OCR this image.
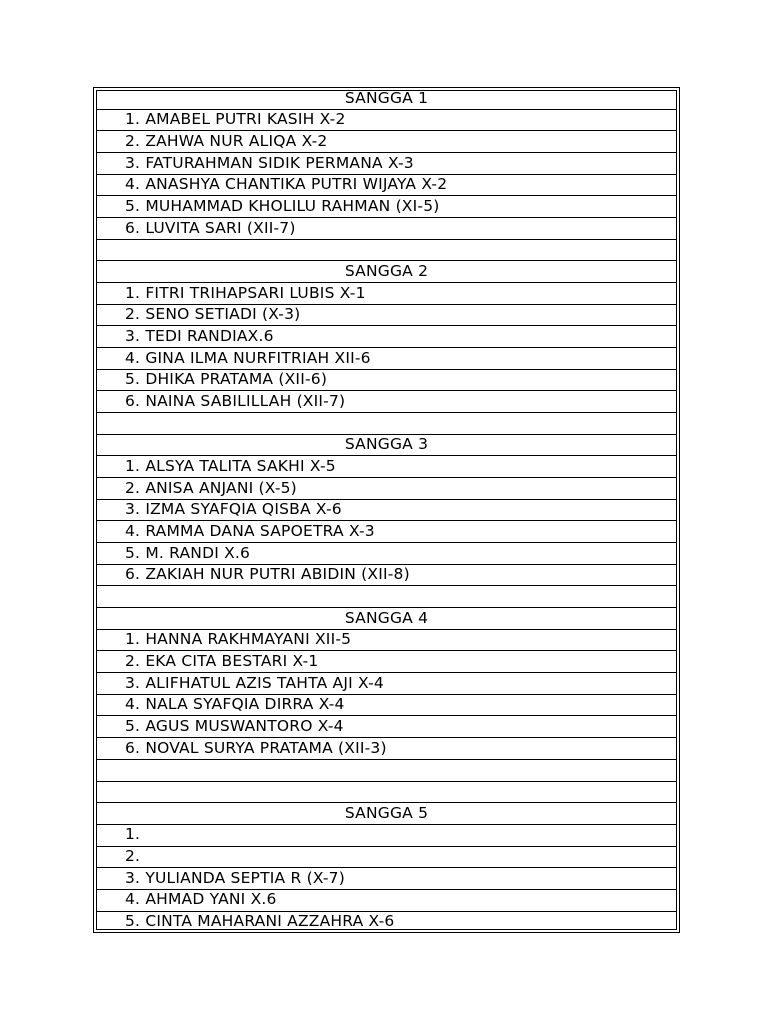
SANGGA 1
1. AMABEL PUTRI KASIH X-2
2. ZAHWA NUR ALIQA X-2
3. FATURAHMAN SIDIK PERMANA X-3
4. ANASHYA CHANTIKA PUTRI WIJAYA X-2
5. MUHAMMAD KHOLILU RAHMAN (XI-5)
6. LUVITA SARI (XII-7)
SANGGA 2
1. FITRI TRIHAPSARI LUBIS X-1
2. SENO SETIADI (X-3)
3. TEDI RANDIAX.6
4. GINA ILMA NURFITRIAH XII-6
5. DHIKA PRATAMA (XII-6)
6. NAINA SABILILLAH (XII-7)
SANGGA 3
1. ALSYA TALITA SAKHI X-5
2. ANISA ANJANI (X-5)
3. IZMA SYAFQIA QISBA X-6
4. RAMMA DANA SAPOETRA X-3
5. M. RANDI X.6
6. ZAKIAH NUR PUTRI ABIDIN (XII-8)
SANGGA 4
1. HANNA RAKHMAYANI XII-5
2. EKA CITA BESTARI X-1
3. ALIFHATUL AZIS TAHTA AJI X-4
4. NALA SYAFQIA DIRRA X-4
5. AGUS MUSWANTORO X-4
6. NOVAL SURYA PRATAMA (XII-3)
SANGGA 5
1.
2.
3. YULIANDA SEPTIA R (X-7)
4. AHMAD YANI X.6
5. CINTA MAHARANI AZZAHRA X-6
